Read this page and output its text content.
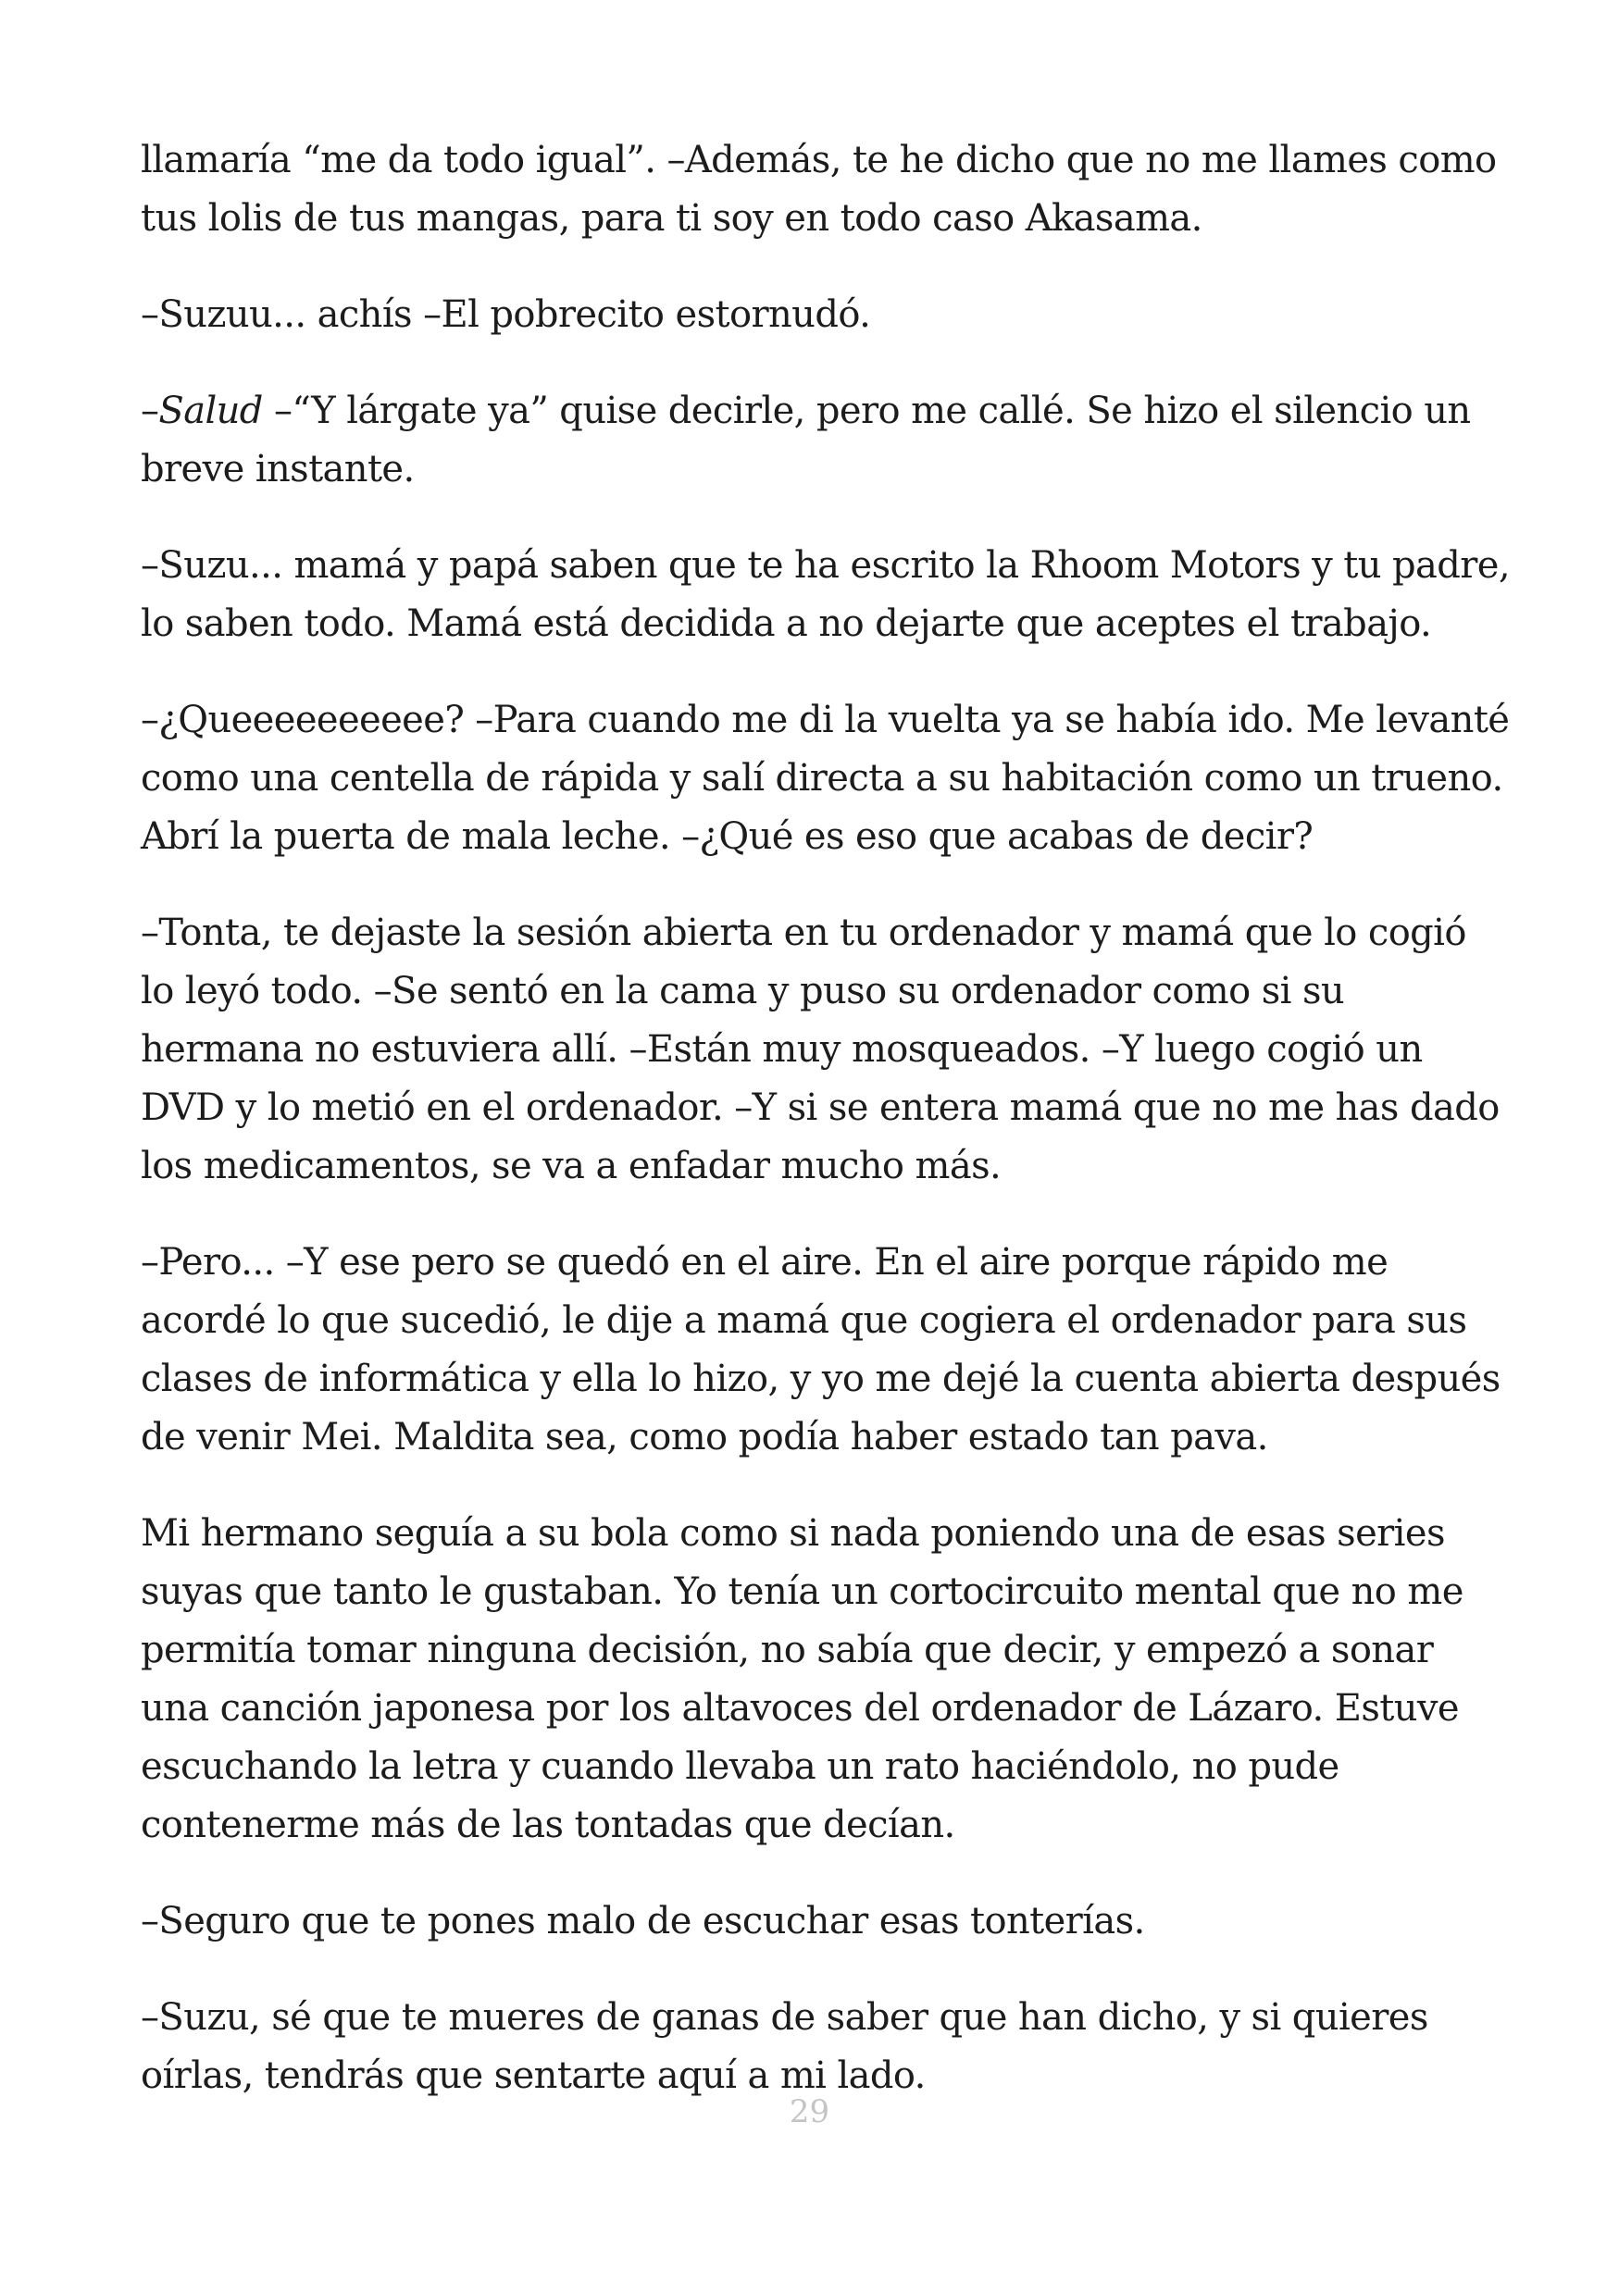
llamaría “me da todo igual”. –Además, te he dicho que no me llames como
tus lolis de tus mangas, para ti soy en todo caso Akasama.

–Suzuu... achís –El pobrecito estornudó.

–Salud –“Y lárgate ya” quise decirle, pero me callé. Se hizo el silencio un
breve instante.

–Suzu... mamá y papá saben que te ha escrito la Rhoom Motors y tu padre,
lo saben todo. Mamá está decidida a no dejarte que aceptes el trabajo.

–¿Queeeeeeeeee? –Para cuando me di la vuelta ya se había ido. Me levanté
como una centella de rápida y salí directa a su habitación como un trueno.
Abrí la puerta de mala leche. –¿Qué es eso que acabas de decir?

–Tonta, te dejaste la sesión abierta en tu ordenador y mamá que lo cogió
lo leyó todo. –Se sentó en la cama y puso su ordenador como si su
hermana no estuviera allí. –Están muy mosqueados. –Y luego cogió un
DVD y lo metió en el ordenador. –Y si se entera mamá que no me has dado
los medicamentos, se va a enfadar mucho más.

–Pero... –Y ese pero se quedó en el aire. En el aire porque rápido me
acordé lo que sucedió, le dije a mamá que cogiera el ordenador para sus
clases de informática y ella lo hizo, y yo me dejé la cuenta abierta después
de venir Mei. Maldita sea, como podía haber estado tan pava.

Mi hermano seguía a su bola como si nada poniendo una de esas series
suyas que tanto le gustaban. Yo tenía un cortocircuito mental que no me
permitía tomar ninguna decisión, no sabía que decir, y empezó a sonar
una canción japonesa por los altavoces del ordenador de Lázaro. Estuve
escuchando la letra y cuando llevaba un rato haciéndolo, no pude
contenerme más de las tontadas que decían.

–Seguro que te pones malo de escuchar esas tonterías.

–Suzu, sé que te mueres de ganas de saber que han dicho, y si quieres
oírlas, tendrás que sentarte aquí a mi lado.

29
